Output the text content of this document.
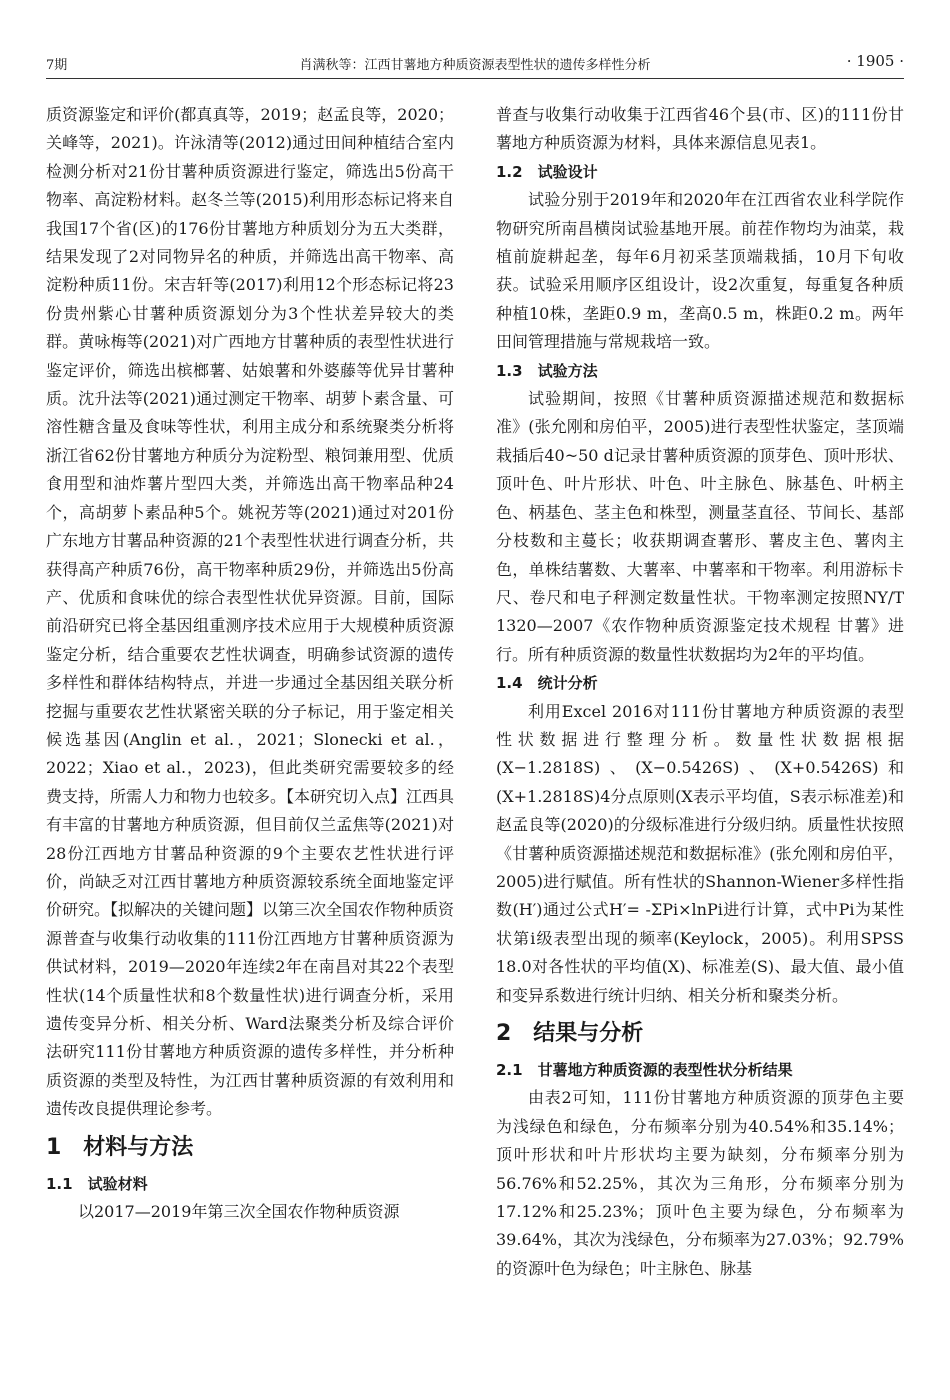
7期	肖满秋等：江西甘薯地方种质资源表型性状的遗传多样性分析	· 1905 ·

质资源鉴定和评价(都真真等，2019；赵孟良等，2020；关峰等，2021)。许泳清等(2012)通过田间种植结合室内检测分析对21份甘薯种质资源进行鉴定，筛选出5份高干物率、高淀粉材料。赵冬兰等(2015)利用形态标记将来自我国17个省(区)的176份甘薯地方种质划分为五大类群，结果发现了2对同物异名的种质，并筛选出高干物率、高淀粉种质11份。宋吉轩等(2017)利用12个形态标记将23份贵州紫心甘薯种质资源划分为3个性状差异较大的类群。黄咏梅等(2021)对广西地方甘薯种质的表型性状进行鉴定评价，筛选出槟榔薯、姑娘薯和外婆藤等优异甘薯种质。沈升法等(2021)通过测定干物率、胡萝卜素含量、可溶性糖含量及食味等性状，利用主成分和系统聚类分析将浙江省62份甘薯地方种质分为淀粉型、粮饲兼用型、优质食用型和油炸薯片型四大类，并筛选出高干物率品种24个，高胡萝卜素品种5个。姚祝芳等(2021)通过对201份广东地方甘薯品种资源的21个表型性状进行调查分析，共获得高产种质76份，高干物率种质29份，并筛选出5份高产、优质和食味优的综合表型性状优异资源。目前，国际前沿研究已将全基因组重测序技术应用于大规模种质资源鉴定分析，结合重要农艺性状调查，明确参试资源的遗传多样性和群体结构特点，并进一步通过全基因组关联分析挖掘与重要农艺性状紧密关联的分子标记，用于鉴定相关候选基因(Anglin et al.，2021；Slonecki et al.，2022；Xiao et al.，2023)，但此类研究需要较多的经费支持，所需人力和物力也较多。【本研究切入点】江西具有丰富的甘薯地方种质资源，但目前仅兰孟焦等(2021)对28份江西地方甘薯品种资源的9个主要农艺性状进行评价，尚缺乏对江西甘薯地方种质资源较系统全面地鉴定评价研究。【拟解决的关键问题】以第三次全国农作物种质资源普查与收集行动收集的111份江西地方甘薯种质资源为供试材料，2019—2020年连续2年在南昌对其22个表型性状(14个质量性状和8个数量性状)进行调查分析，采用遗传变异分析、相关分析、Ward法聚类分析及综合评价法研究111份甘薯地方种质资源的遗传多样性，并分析种质资源的类型及特性，为江西甘薯种质资源的有效利用和遗传改良提供理论参考。

1　材料与方法
1.1　试验材料

以2017—2019年第三次全国农作物种质资源

普查与收集行动收集于江西省46个县(市、区)的111份甘薯地方种质资源为材料，具体来源信息见表1。

1.2　试验设计

试验分别于2019年和2020年在江西省农业科学院作物研究所南昌横岗试验基地开展。前茬作物均为油菜，栽植前旋耕起垄，每年6月初采茎顶端栽插，10月下旬收获。试验采用顺序区组设计，设2次重复，每重复各种质种植10株，垄距0.9 m，垄高0.5 m，株距0.2 m。两年田间管理措施与常规栽培一致。

1.3　试验方法

试验期间，按照《甘薯种质资源描述规范和数据标准》(张允刚和房伯平，2005)进行表型性状鉴定，茎顶端栽插后40~50 d记录甘薯种质资源的顶芽色、顶叶形状、顶叶色、叶片形状、叶色、叶主脉色、脉基色、叶柄主色、柄基色、茎主色和株型，测量茎直径、节间长、基部分枝数和主蔓长；收获期调查薯形、薯皮主色、薯肉主色，单株结薯数、大薯率、中薯率和干物率。利用游标卡尺、卷尺和电子秤测定数量性状。干物率测定按照NY/T 1320—2007《农作物种质资源鉴定技术规程 甘薯》进行。所有种质资源的数量性状数据均为2年的平均值。

1.4　统计分析

利用Excel 2016对111份甘薯地方种质资源的表型性状数据进行整理分析。数量性状数据根据(X−1.2818S)、(X−0.5426S)、(X+0.5426S)和(X+1.2818S)4分点原则(X表示平均值，S表示标准差)和赵孟良等(2020)的分级标准进行分级归纳。质量性状按照《甘薯种质资源描述规范和数据标准》(张允刚和房伯平，2005)进行赋值。所有性状的Shannon-Wiener多样性指数(H′)通过公式H′= -ΣPi×lnPi进行计算，式中Pi为某性状第i级表型出现的频率(Keylock，2005)。利用SPSS 18.0对各性状的平均值(X)、标准差(S)、最大值、最小值和变异系数进行统计归纳、相关分析和聚类分析。

2　结果与分析
2.1　甘薯地方种质资源的表型性状分析结果

由表2可知，111份甘薯地方种质资源的顶芽色主要为浅绿色和绿色，分布频率分别为40.54%和35.14%；顶叶形状和叶片形状均主要为缺刻，分布频率分别为56.76%和52.25%，其次为三角形，分布频率分别为17.12%和25.23%；顶叶色主要为绿色，分布频率为39.64%，其次为浅绿色，分布频率为27.03%；92.79%的资源叶色为绿色；叶主脉色、脉基
